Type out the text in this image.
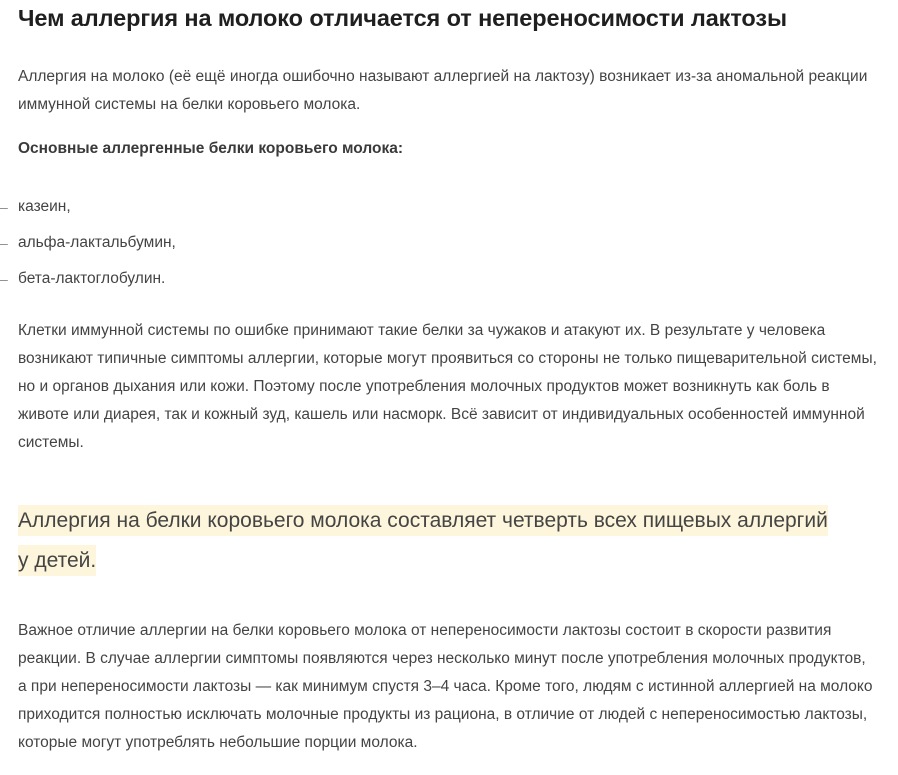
Чем аллергия на молоко отличается от непереносимости лактозы

Аллергия на молоко (её ещё иногда ошибочно называют аллергией на лактозу) возникает из-за аномальной реакции иммунной системы на белки коровьего молока.

Основные аллергенные белки коровьего молока:

– казеин,
– альфа-лактальбумин,
– бета-лактоглобулин.

Клетки иммунной системы по ошибке принимают такие белки за чужаков и атакуют их. В результате у человека возникают типичные симптомы аллергии, которые могут проявиться со стороны не только пищеварительной системы, но и органов дыхания или кожи. Поэтому после употребления молочных продуктов может возникнуть как боль в животе или диарея, так и кожный зуд, кашель или насморк. Всё зависит от индивидуальных особенностей иммунной системы.

Аллергия на белки коровьего молока составляет четверть всех пищевых аллергий у детей.

Важное отличие аллергии на белки коровьего молока от непереносимости лактозы состоит в скорости развития реакции. В случае аллергии симптомы появляются через несколько минут после употребления молочных продуктов, а при непереносимости лактозы — как минимум спустя 3–4 часа. Кроме того, людям с истинной аллергией на молоко приходится полностью исключать молочные продукты из рациона, в отличие от людей с непереносимостью лактозы, которые могут употреблять небольшие порции молока.
